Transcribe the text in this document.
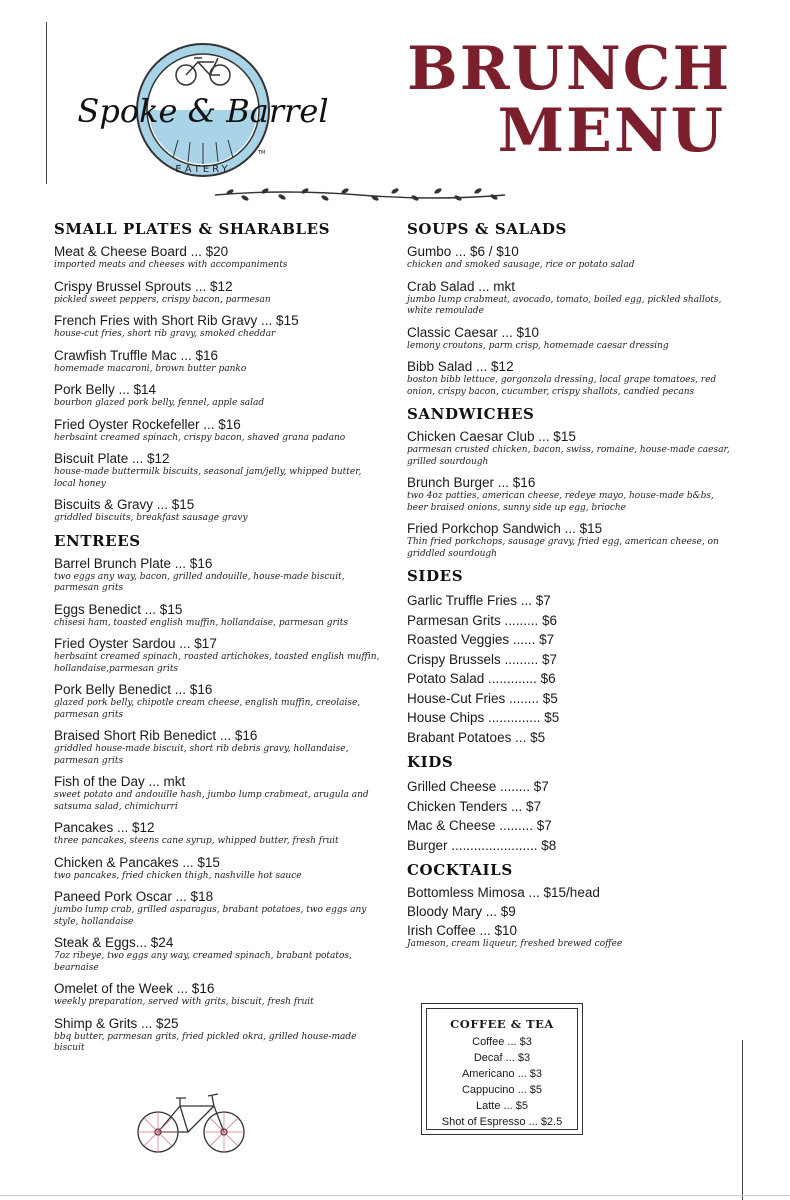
Spoke & Barrel
EATERY
TM
BRUNCH
MENU
SMALL PLATES & SHARABLES
Meat & Cheese Board ... $20
imported meats and cheeses with accompaniments
Crispy Brussel Sprouts ... $12
pickled sweet peppers, crispy bacon, parmesan
French Fries with Short Rib Gravy ... $15
house-cut fries, short rib gravy, smoked cheddar
Crawfish Truffle Mac ... $16
homemade macaroni, brown butter panko
Pork Belly ... $14
bourbon glazed pork belly, fennel, apple salad
Fried Oyster Rockefeller ... $16
herbsaint creamed spinach, crispy bacon, shaved grana padano
Biscuit Plate ... $12
house-made buttermilk biscuits, seasonal jam/jelly, whipped butter, local honey
Biscuits & Gravy ... $15
griddled biscuits, breakfast sausage gravy
ENTREES
Barrel Brunch Plate ... $16
two eggs any way, bacon, grilled andouille, house-made biscuit, parmesan grits
Eggs Benedict ... $15
chisesi ham, toasted english muffin, hollandaise, parmesan grits
Fried Oyster Sardou ... $17
herbsaint creamed spinach, roasted artichokes, toasted english muffin, hollandaise,parmesan grits
Pork Belly Benedict ... $16
glazed pork belly, chipotle cream cheese, english muffin, creolaise, parmesan grits
Braised Short Rib Benedict ... $16
griddled house-made biscuit, short rib debris gravy, hollandaise, parmesan grits
Fish of the Day ... mkt
sweet potato and andouille hash, jumbo lump crabmeat, arugula and satsuma salad, chimichurri
Pancakes ... $12
three pancakes, steens cane syrup, whipped butter, fresh fruit
Chicken & Pancakes ... $15
two pancakes, fried chicken thigh, nashville hot sauce
Paneed Pork Oscar ... $18
jumbo lump crab, grilled asparagus, brabant potatoes, two eggs any style, hollandaise
Steak & Eggs... $24
7oz ribeye, two eggs any way, creamed spinach, brabant potatos, bearnaise
Omelet of the Week ... $16
weekly preparation, served with grits, biscuit, fresh fruit
Shimp & Grits ... $25
bbq butter, parmesan grits, fried pickled okra, grilled house-made biscuit
SOUPS & SALADS
Gumbo ... $6 / $10
chicken and smoked sausage, rice or potato salad
Crab Salad ... mkt
jumbo lump crabmeat, avocado, tomato, boiled egg, pickled shallots, white remoulade
Classic Caesar ... $10
lemony croutons, parm crisp, homemade caesar dressing
Bibb Salad ... $12
boston bibb lettuce, gorgonzola dressing, local grape tomatoes, red onion, crispy bacon, cucumber, crispy shallots, candied pecans
SANDWICHES
Chicken Caesar Club ... $15
parmesan crusted chicken, bacon, swiss, romaine, house-made caesar, grilled sourdough
Brunch Burger ... $16
two 4oz patties, american cheese, redeye mayo, house-made b&bs, beer braised onions, sunny side up egg, brioche
Fried Porkchop Sandwich ... $15
Thin fried porkchops, sausage gravy, fried egg, american cheese, on griddled sourdough
SIDES
Garlic Truffle Fries ... $7
Parmesan Grits ......... $6
Roasted Veggies ...... $7
Crispy Brussels ......... $7
Potato Salad ............. $6
House-Cut Fries ........ $5
House Chips .............. $5
Brabant Potatoes ... $5
KIDS
Grilled Cheese ........ $7
Chicken Tenders ... $7
Mac & Cheese ......... $7
Burger ....................... $8
COCKTAILS
Bottomless Mimosa ... $15/head
Bloody Mary ... $9
Irish Coffee ... $10
Jameson, cream liqueur, freshed brewed coffee
COFFEE & TEA
Coffee ... $3
Decaf ... $3
Americano ... $3
Cappucino ... $5
Latte ... $5
Shot of Espresso ... $2.5
